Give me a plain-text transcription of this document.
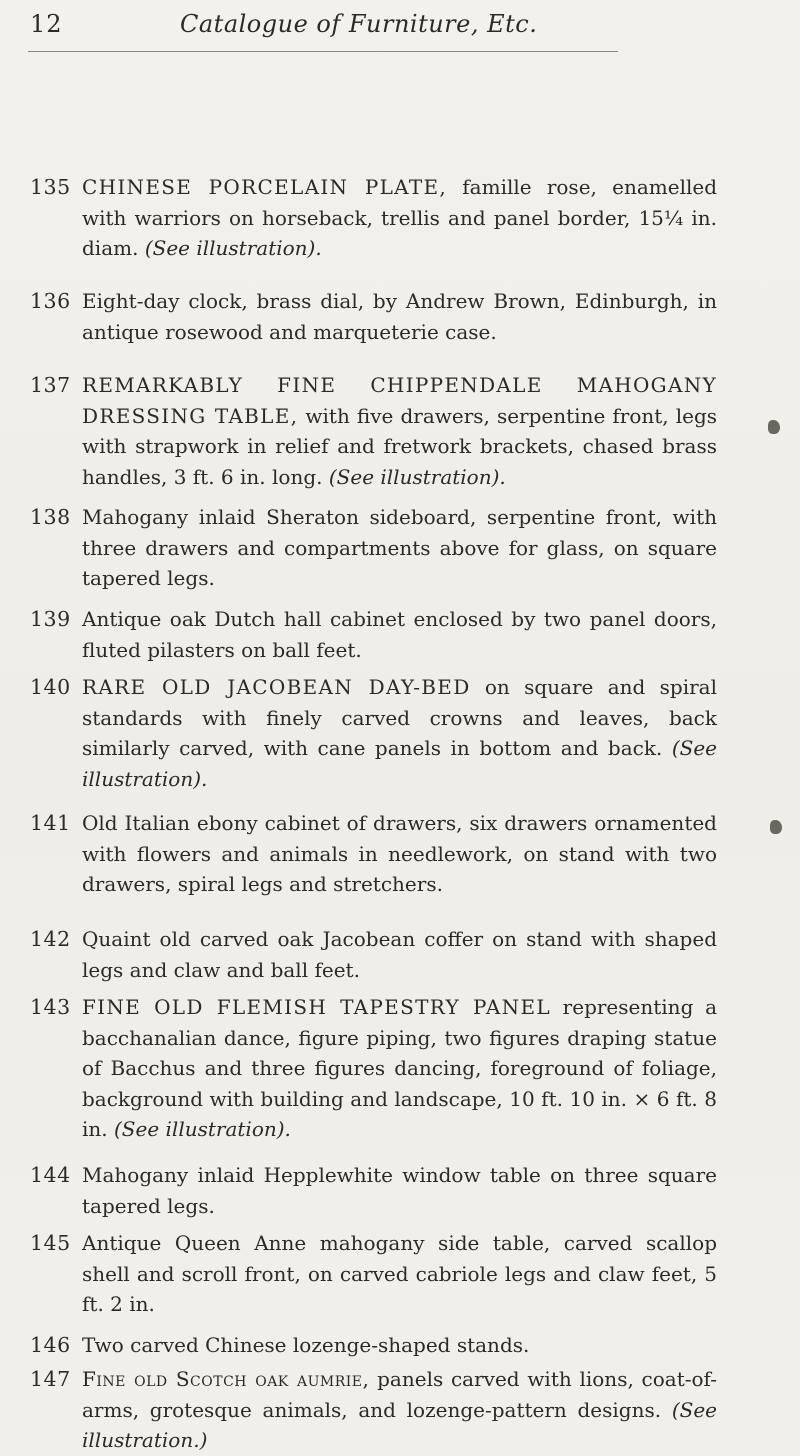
12	Catalogue of Furniture, Etc.
135 CHINESE PORCELAIN PLATE, famille rose, enamelled with warriors on horseback, trellis and panel border, 15¼ in. diam. (See illustration).
136 Eight-day clock, brass dial, by Andrew Brown, Edinburgh, in antique rosewood and marqueterie case.
137 REMARKABLY FINE CHIPPENDALE MAHOGANY DRESSING TABLE, with five drawers, serpentine front, legs with strapwork in relief and fretwork brackets, chased brass handles, 3 ft. 6 in. long. (See illustration).
138 Mahogany inlaid Sheraton sideboard, serpentine front, with three drawers and compartments above for glass, on square tapered legs.
139 Antique oak Dutch hall cabinet enclosed by two panel doors, fluted pilasters on ball feet.
140 RARE OLD JACOBEAN DAY-BED on square and spiral standards with finely carved crowns and leaves, back similarly carved, with cane panels in bottom and back. (See illustration).
141 Old Italian ebony cabinet of drawers, six drawers ornamented with flowers and animals in needlework, on stand with two drawers, spiral legs and stretchers.
142 Quaint old carved oak Jacobean coffer on stand with shaped legs and claw and ball feet.
143 FINE OLD FLEMISH TAPESTRY PANEL representing a bacchanalian dance, figure piping, two figures draping statue of Bacchus and three figures dancing, foreground of foliage, background with building and landscape, 10 ft. 10 in. × 6 ft. 8 in. (See illustration).
144 Mahogany inlaid Hepplewhite window table on three square tapered legs.
145 Antique Queen Anne mahogany side table, carved scallop shell and scroll front, on carved cabriole legs and claw feet, 5 ft. 2 in.
146 Two carved Chinese lozenge-shaped stands.
147 Fine old Scotch oak aumrie, panels carved with lions, coat-of-arms, grotesque animals, and lozenge-pattern designs. (See illustration.)
